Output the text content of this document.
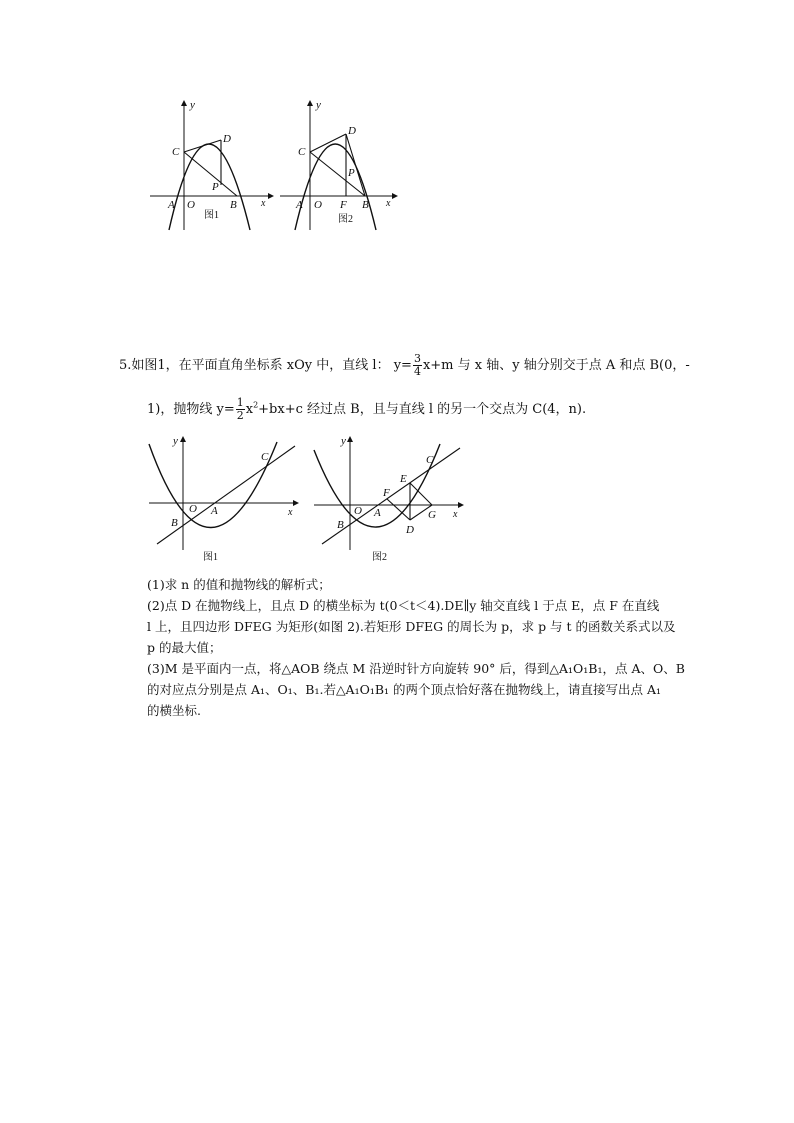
y
x
C
D
P
A O	B
图1
y
x
C
D
P
A O F B
图2
5.如图1，在平面直角坐标系 xOy 中，直线 l： $y= \frac{3}{4} x+m$ 与 x 轴、y 轴分别交于点 A 和点 B(0，-
1)，抛物线 $y= \frac{1}{2} x^2+bx+c$ 经过点 B，且与直线 l 的另一个交点为 C(4，n).
y
x
C
O A
B
图1
y
x
C
E
F
A
O
B	D
G
图2
(1)求 n 的值和抛物线的解析式；
(2)点 D 在抛物线上，且点 D 的横坐标为 t(0＜t＜4).DE∥y 轴交直线 l 于点 E，点 F 在直线
l 上，且四边形 DFEG 为矩形(如图 2).若矩形 DFEG 的周长为 p，求 p 与 t 的函数关系式以及
p 的最大值；
(3)M 是平面内一点，将△AOB 绕点 M 沿逆时针方向旋转 90° 后，得到△A₁O₁B₁，点 A、O、B
的对应点分别是点 A₁、O₁、B₁.若△A₁O₁B₁ 的两个顶点恰好落在抛物线上，请直接写出点 A₁
的横坐标.
